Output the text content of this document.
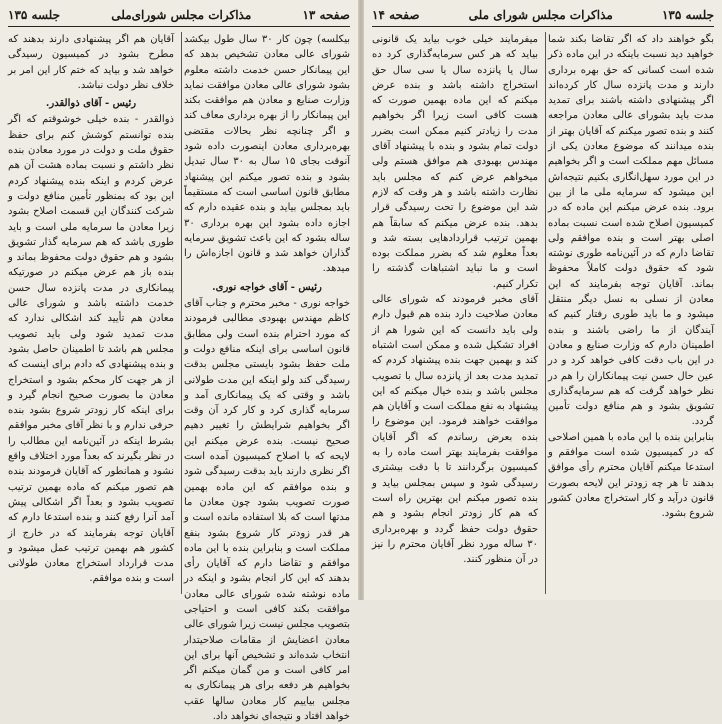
صفحه ۱۳
مذاکرات مجلس شورای‌ملی
جلسه ۱۳۵

بیکلسه) چون کار ۳۰ سال طول بیکشد شورای عالی معادن تشخیص بدهد که این پیمانکار حسن خدمت داشته معلوم بشود شورای عالی معادن موافقت نماید وزارت صنایع و معادن هم موافقت بکند این پیمانکار را از بهره برداری معاف کند و اگر چنانچه نظر بحالات مقتضی بهره‌برداری معادن اینصورت داده شود آنوقت بجای ۱۵ سال به ۳۰ سال تبدیل بشود و بنده تصور میکنم این پیشنهاد مطابق قانون اساسی است که مستقیماً باید بمجلس بیاید و بنده عقیده دارم که اجازه داده بشود این بهره برداری ۳۰ ساله بشود که این باعث تشویق سرمایه گذاران خواهد شد و قانون اجازه‌اش را میدهد.

رئیس - آقای خواجه نوری.

خواجه نوری - مخبر محترم و جناب آقای کاظم مهندس بهبودی مطالبی فرمودند که مورد احترام بنده است ولی مطابق قانون اساسی برای اینکه منافع دولت و ملت حفظ بشود بایستی مجلس بدقت رسیدگی کند ولو اینکه این مدت طولانی باشد و وقتی که یک پیمانکاری آمد و سرمایه گذاری کرد و کار کرد آن وقت اگر بخواهیم شرایطش را تغییر دهیم صحیح نیست. بنده عرض میکنم این لایحه که با اصلاح کمیسیون آمده است اگر نظری دارند باید بدقت رسیدگی شود و بنده موافقم که این ماده بهمین صورت تصویب بشود چون معادن ما مدتها است که بلا استفاده مانده است و هر قدر زودتر کار شروع بشود بنفع مملکت است و بنابراین بنده با این ماده موافقم و تقاضا دارم که آقایان رأی بدهند که این کار انجام بشود و اینکه در ماده نوشته شده شورای عالی معادن موافقت بکند کافی است و احتیاجی بتصویب مجلس نیست زیرا شورای عالی معادن اعضایش از مقامات صلاحیتدار انتخاب شده‌اند و تشخیص آنها برای این امر کافی است و من گمان میکنم اگر بخواهیم هر دفعه برای هر پیمانکاری به مجلس بیاییم کار معادن سالها عقب خواهد افتاد و نتیجه‌ای نخواهد داد.

آقایان هم اگر پیشنهادی دارند بدهند که مطرح بشود در کمیسیون رسیدگی خواهد شد و بیاید که ختم کار این امر بر خلاف نظر دولت نباشد.

رئیس - آقای ذوالقدر.

ذوالقدر - بنده خیلی خوشوقتم که اگر بنده توانستم کوشش کنم برای حفظ حقوق ملت و دولت در مورد معادن بنده نظر داشتم و نسبت بماده هشت آن هم عرض کردم و اینکه بنده پیشنهاد کردم این بود که بمنظور تأمین منافع دولت و شرکت کنندگان این قسمت اصلاح بشود زیرا معادن ما سرمایه ملی است و باید طوری باشد که هم سرمایه گذار تشویق بشود و هم حقوق دولت محفوظ بماند و بنده باز هم عرض میکنم در صورتیکه پیمانکاری در مدت پانزده سال حسن خدمت داشته باشد و شورای عالی معادن هم تأیید کند اشکالی ندارد که مدت تمدید شود ولی باید تصویب مجلس هم باشد تا اطمینان حاصل بشود و بنده پیشنهادی که دادم برای اینست که از هر جهت کار محکم بشود و استخراج معادن ما بصورت صحیح انجام گیرد و برای اینکه کار زودتر شروع بشود بنده حرفی ندارم و با نظر آقای مخبر موافقم بشرط اینکه در آئین‌نامه این مطالب را در نظر بگیرند که بعداً مورد اختلاف واقع نشود و همانطور که آقایان فرمودند بنده هم تصور میکنم که ماده بهمین ترتیب تصویب بشود و بعداً اگر اشکالی پیش آمد آنرا رفع کنند و بنده استدعا دارم که آقایان توجه بفرمایند که در خارج از کشور هم بهمین ترتیب عمل میشود و مدت قرارداد استخراج معادن طولانی است و بنده موافقم.

جلسه ۱۳۵
مذاکرات مجلس شورای ملی
صفحه ۱۴

بگو خواهند داد که اگر تقاضا بکند شما خواهید دید نسبت باینکه در این ماده ذکر شده است کسانی که حق بهره برداری دارند و مدت پانزده سال کار کرده‌اند اگر پیشنهادی داشته باشند برای تمدید مدت باید بشورای عالی معادن مراجعه کنند و بنده تصور میکنم که آقایان بهتر از بنده میدانند که موضوع معادن یکی از مسائل مهم مملکت است و اگر بخواهیم در این مورد سهل‌انگاری بکنیم نتیجه‌اش این میشود که سرمایه ملی ما از بین برود. بنده عرض میکنم این ماده که در کمیسیون اصلاح شده است نسبت بماده اصلی بهتر است و بنده موافقم ولی تقاضا دارم که در آئین‌نامه طوری نوشته شود که حقوق دولت کاملاً محفوظ بماند. آقایان توجه بفرمایند که این معادن از نسلی به نسل دیگر منتقل میشود و ما باید طوری رفتار کنیم که آیندگان از ما راضی باشند و بنده اطمینان دارم که وزارت صنایع و معادن در این باب دقت کافی خواهد کرد و در عین حال حسن نیت پیمانکاران را هم در نظر خواهد گرفت که هم سرمایه‌گذاری تشویق بشود و هم منافع دولت تأمین گردد.

بنابراین بنده با این ماده با همین اصلاحی که در کمیسیون شده است موافقم و استدعا میکنم آقایان محترم رأی موافق بدهند تا هر چه زودتر این لایحه بصورت قانون درآید و کار استخراج معادن کشور شروع بشود.

میفرمایند خیلی خوب بیاید یک قانونی بیاید که هر کس سرمایه‌گذاری کرد ده سال یا پانزده سال یا سی سال حق استخراج داشته باشد و بنده عرض میکنم که این ماده بهمین صورت که هست کافی است زیرا اگر بخواهیم مدت را زیادتر کنیم ممکن است بضرر دولت تمام بشود و بنده با پیشنهاد آقای مهندس بهبودی هم موافق هستم ولی میخواهم عرض کنم که مجلس باید نظارت داشته باشد و هر وقت که لازم شد این موضوع را تحت رسیدگی قرار بدهد. بنده عرض میکنم که سابقاً هم بهمین ترتیب قراردادهایی بسته شد و بعداً معلوم شد که بضرر مملکت بوده است و ما نباید اشتباهات گذشته را تکرار کنیم.

آقای مخبر فرمودند که شورای عالی معادن صلاحیت دارد بنده هم قبول دارم ولی باید دانست که این شورا هم از افراد تشکیل شده و ممکن است اشتباه کند و بهمین جهت بنده پیشنهاد کردم که تمدید مدت بعد از پانزده سال با تصویب مجلس باشد و بنده خیال میکنم که این پیشنهاد به نفع مملکت است و آقایان هم موافقت خواهند فرمود. این موضوع را بنده بعرض رساندم که اگر آقایان موافقت بفرمایند بهتر است ماده را به کمیسیون برگردانند تا با دقت بیشتری رسیدگی شود و سپس بمجلس بیاید و بنده تصور میکنم این بهترین راه است که هم کار زودتر انجام بشود و هم حقوق دولت حفظ گردد و بهره‌برداری ۳۰ ساله مورد نظر آقایان محترم را نیز در آن منظور کنند.
